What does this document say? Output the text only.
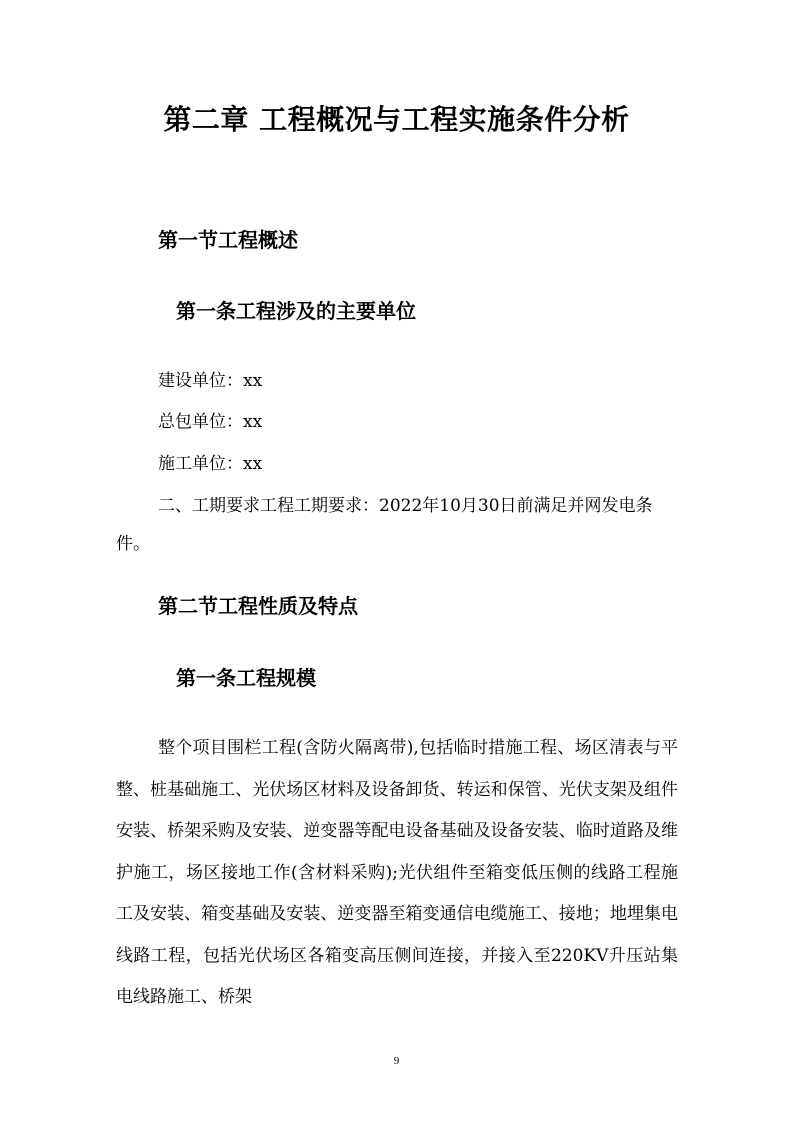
第二章 工程概况与工程实施条件分析
第一节工程概述
第一条工程涉及的主要单位
建设单位：xx
总包单位：xx
施工单位：xx
二、工期要求工程工期要求：2022年10月30日前满足并网发电条件。
第二节工程性质及特点
第一条工程规模
整个项目围栏工程(含防火隔离带),包括临时措施工程、场区清表与平整、桩基础施工、光伏场区材料及设备卸货、转运和保管、光伏支架及组件安装、桥架采购及安装、逆变器等配电设备基础及设备安装、临时道路及维护施工，场区接地工作(含材料采购);光伏组件至箱变低压侧的线路工程施工及安装、箱变基础及安装、逆变器至箱变通信电缆施工、接地；地埋集电线路工程，包括光伏场区各箱变高压侧间连接，并接入至220KV升压站集电线路施工、桥架
9
